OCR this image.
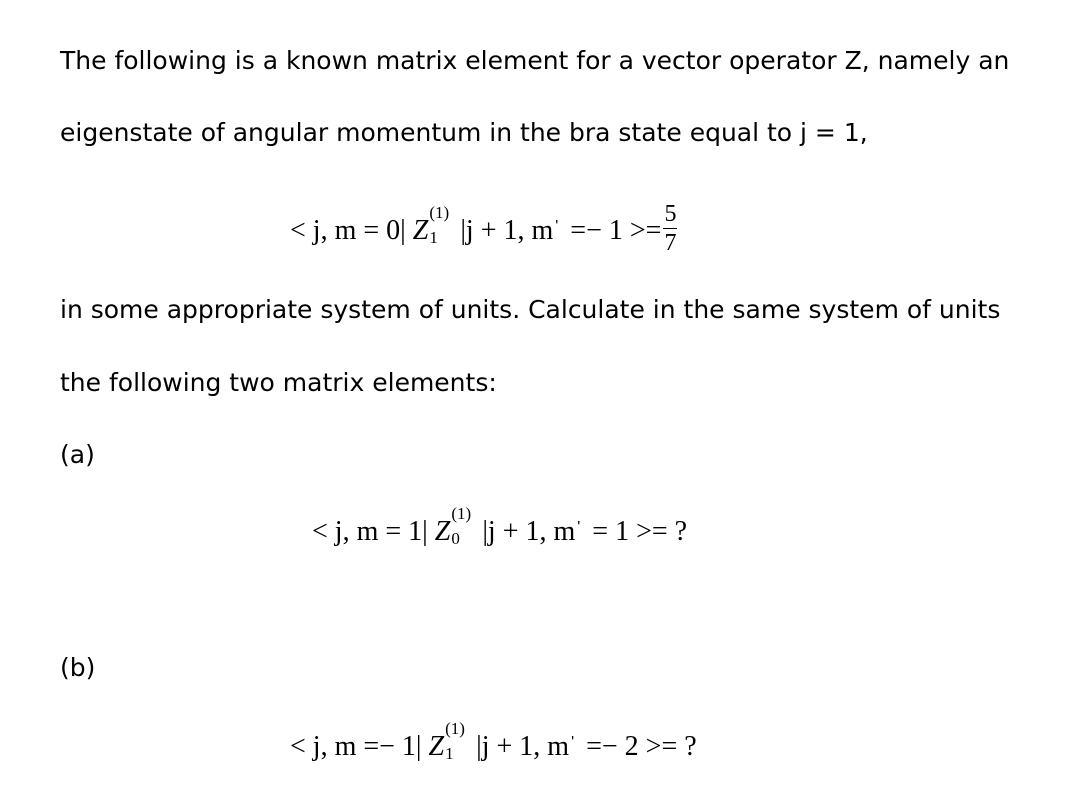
The following is a known matrix element for a vector operator Z, namely an
eigenstate of angular momentum in the bra state equal to j = 1,
< j, m = 0| Z
(1)
1 |j + 1, m ' =− $1 >= \frac{5}{7}$
in some appropriate system of units. Calculate in the same system of units
the following two matrix elements:
(a)
< j, m = 1| Z
(1)
0 |j + 1, m ' = 1 >= ?
(b)
< j, m =− 1| Z
(1)
1 |j + 1, m ' =− 2 >= ?
